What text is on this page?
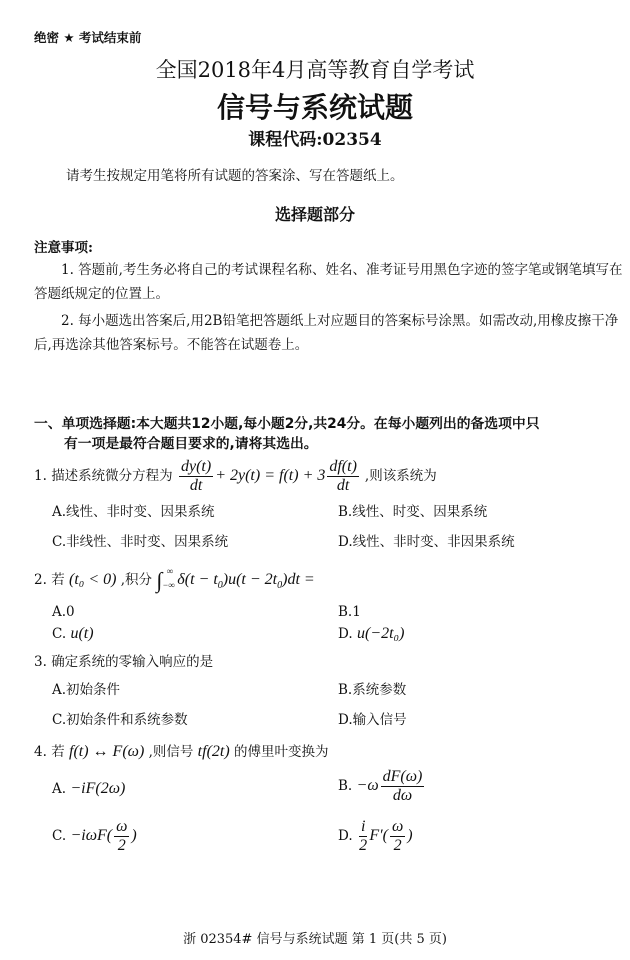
绝密 ★ 考试结束前
全国2018年4月高等教育自学考试
信号与系统试题
课程代码:02354
请考生按规定用笔将所有试题的答案涂、写在答题纸上。
选择题部分
注意事项:
1. 答题前,考生务必将自己的考试课程名称、姓名、准考证号用黑色字迹的签字笔或钢笔填写在答题纸规定的位置上。
2. 每小题选出答案后,用2B铅笔把答题纸上对应题目的答案标号涂黑。如需改动,用橡皮擦干净后,再选涂其他答案标号。不能答在试题卷上。
一、单项选择题:本大题共12小题,每小题2分,共24分。在每小题列出的备选项中只
有一项是最符合题目要求的,请将其选出。
1. 描述系统微分方程为 $\frac{dy(t)}{dt} + 2y(t) = f(t) + 3 \frac{df(t)}{dt}$ ,则该系统为
A.线性、非时变、因果系统	B.线性、时变、因果系统
C.非线性、非时变、因果系统	D.线性、非时变、非因果系统
2. 若 (t₀ < 0) ,积分 $\int_{-\infty}^\infty$ $\delta(t - t_0)u(t - 2t_0)dt$ =
A.0	B.1
C. u(t)	D. u(−2t₀)
3. 确定系统的零输入响应的是
A.初始条件	B.系统参数
C.初始条件和系统参数	D.输入信号
4. 若 f(t) ↔ F(ω) ,则信号 tf(2t) 的傅里叶变换为
A. −iF(2ω)	B. $-\omega \frac{dF(\omega)}{d\omega}$
C. $-i\omega F( \frac{\omega}{2}$ )	D. $\frac{i}{2} F'( \frac{\omega}{2}$ )
浙 02354# 信号与系统试题 第 1 页(共 5 页)
